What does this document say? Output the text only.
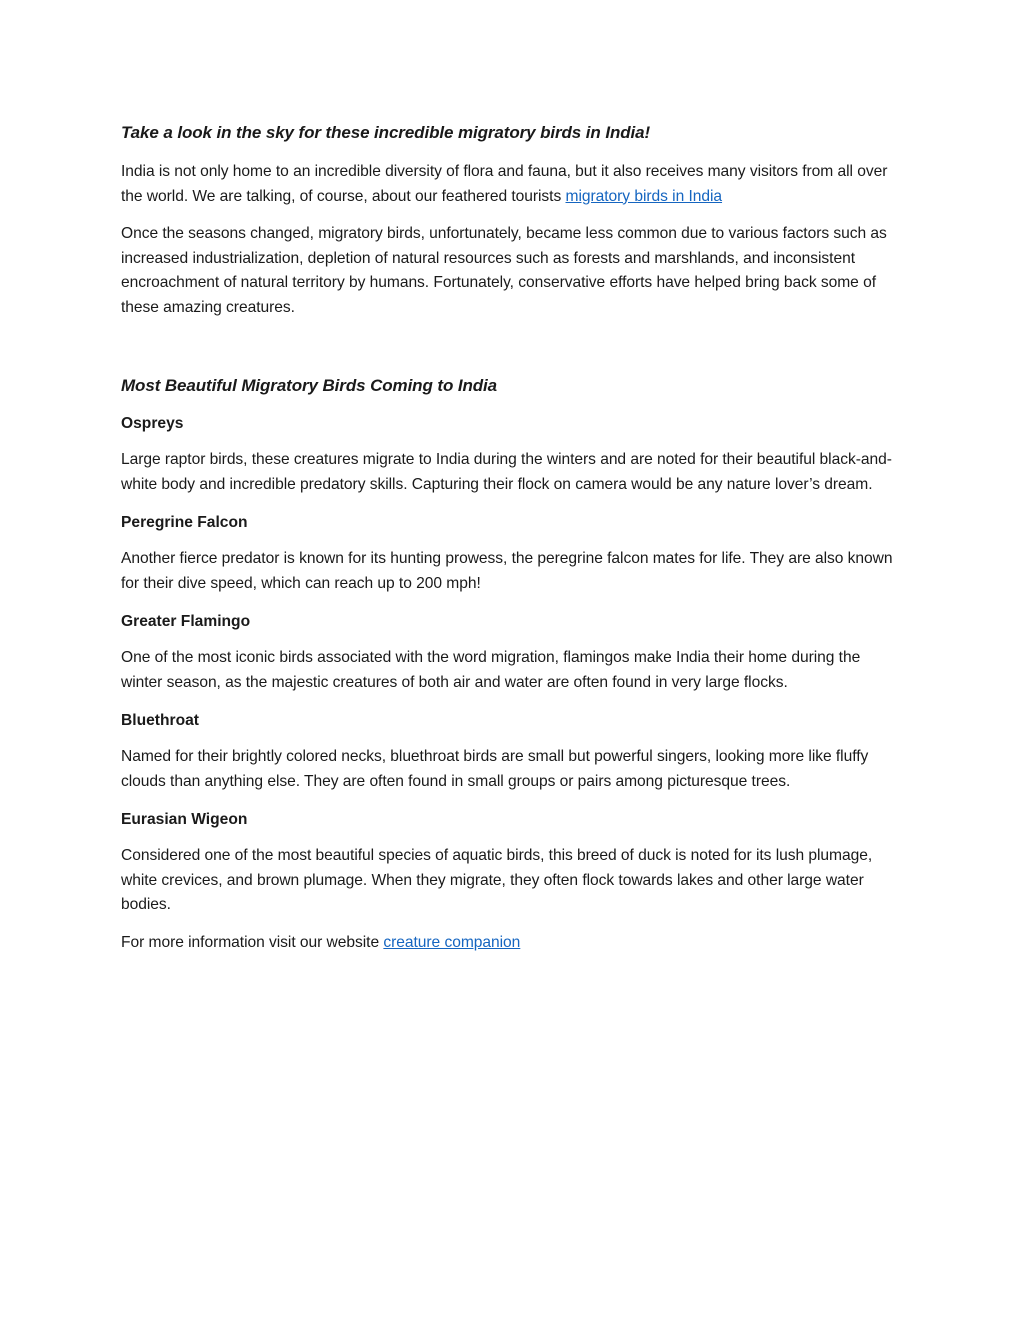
Take a look in the sky for these incredible migratory birds in India!

India is not only home to an incredible diversity of flora and fauna, but it also receives many visitors from all over the world. We are talking, of course, about our feathered tourists migratory birds in India

Once the seasons changed, migratory birds, unfortunately, became less common due to various factors such as increased industrialization, depletion of natural resources such as forests and marshlands, and inconsistent encroachment of natural territory by humans. Fortunately, conservative efforts have helped bring back some of these amazing creatures.

Most Beautiful Migratory Birds Coming to India
Ospreys

Large raptor birds, these creatures migrate to India during the winters and are noted for their beautiful black-and-white body and incredible predatory skills. Capturing their flock on camera would be any nature lover’s dream.

Peregrine Falcon

Another fierce predator is known for its hunting prowess, the peregrine falcon mates for life. They are also known for their dive speed, which can reach up to 200 mph!

Greater Flamingo

One of the most iconic birds associated with the word migration, flamingos make India their home during the winter season, as the majestic creatures of both air and water are often found in very large flocks.

Bluethroat

Named for their brightly colored necks, bluethroat birds are small but powerful singers, looking more like fluffy clouds than anything else. They are often found in small groups or pairs among picturesque trees.

Eurasian Wigeon

Considered one of the most beautiful species of aquatic birds, this breed of duck is noted for its lush plumage, white crevices, and brown plumage. When they migrate, they often flock towards lakes and other large water bodies.

For more information visit our website creature companion
